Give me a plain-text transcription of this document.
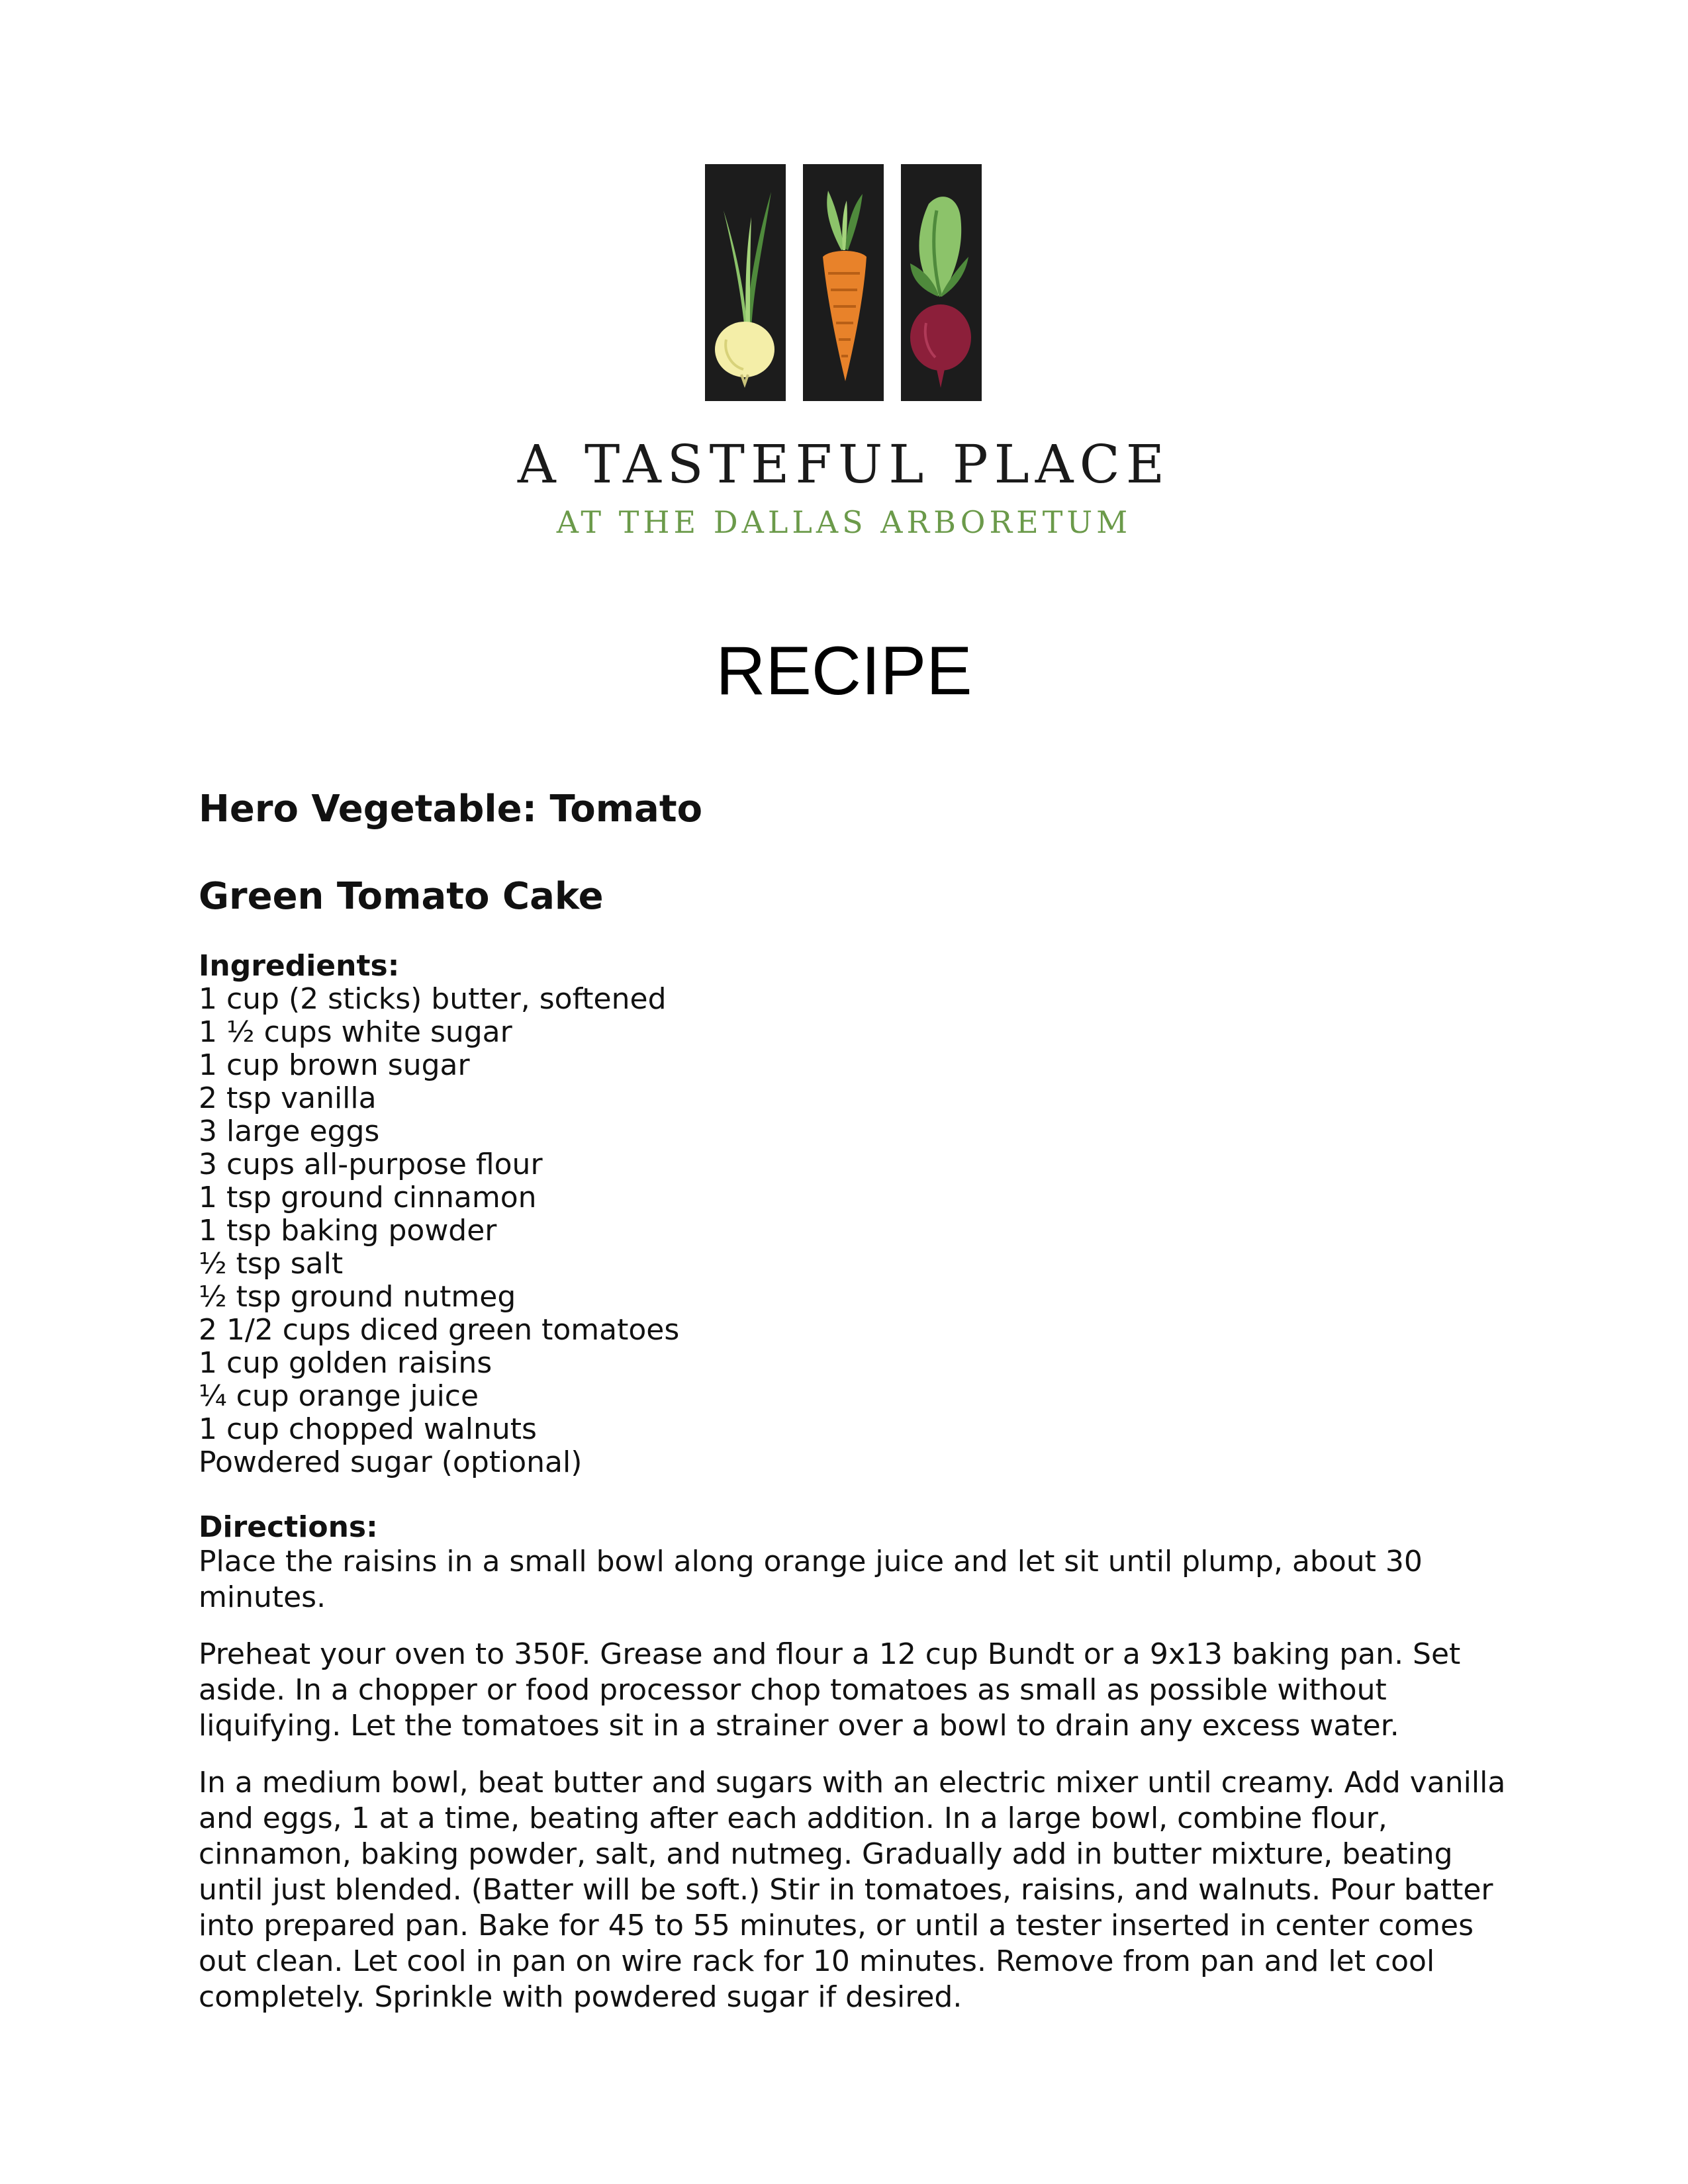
A TASTEFUL PLACE
AT THE DALLAS ARBORETUM
RECIPE
Hero Vegetable: Tomato
Green Tomato Cake
Ingredients:
1 cup (2 sticks) butter, softened
1 ½ cups white sugar
1 cup brown sugar
2 tsp vanilla
3 large eggs
3 cups all-purpose flour
1 tsp ground cinnamon
1 tsp baking powder
½ tsp salt
½ tsp ground nutmeg
2 1/2 cups diced green tomatoes
1 cup golden raisins
¼ cup orange juice
1 cup chopped walnuts
Powdered sugar (optional)
Directions:

Place the raisins in a small bowl along orange juice and let sit until plump, about 30 minutes.

Preheat your oven to 350F. Grease and flour a 12 cup Bundt or a 9x13 baking pan. Set aside. In a chopper or food processor chop tomatoes as small as possible without liquifying. Let the tomatoes sit in a strainer over a bowl to drain any excess water.

In a medium bowl, beat butter and sugars with an electric mixer until creamy. Add vanilla and eggs, 1 at a time, beating after each addition. In a large bowl, combine flour, cinnamon, baking powder, salt, and nutmeg. Gradually add in butter mixture, beating until just blended. (Batter will be soft.) Stir in tomatoes, raisins, and walnuts. Pour batter into prepared pan. Bake for 45 to 55 minutes, or until a tester inserted in center comes out clean. Let cool in pan on wire rack for 10 minutes. Remove from pan and let cool completely. Sprinkle with powdered sugar if desired.
